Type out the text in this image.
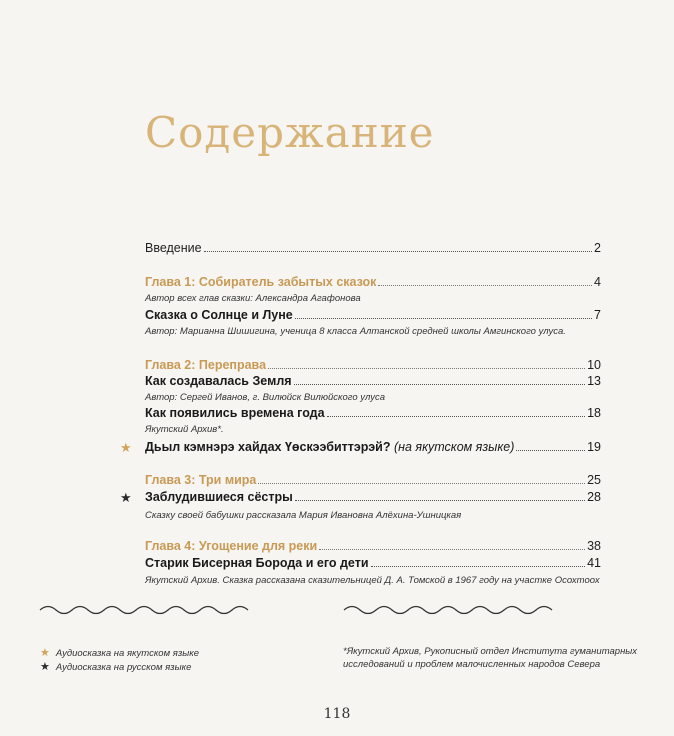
Содержание
Введение	2
Глава 1: Собиратель забытых сказок	4
Автор всех глав сказки: Александра Агафонова
Сказка о Солнце и Луне	7
Автор: Марианна Шишигина, ученица 8 класса Алтанской средней школы Амгинского улуса.
Глава 2: Переправа	10
Как создавалась Земля	13
Автор: Сергей Иванов, г. Вилюйск Вилюйского улуса
Как появились времена года	18
Якутский Архив*.
Дьыл кэмнэрэ хайдах Үөскээбиттэрэй?
(на якутском языке)	19
Глава 3: Три мира	25
Заблудившиеся сёстры	28
Сказку своей бабушки рассказала Мария Ивановна Алёхина-Ушницкая
Глава 4: Угощение для реки	38
Старик Бисерная Борода и его дети	41
Якутский Архив. Сказка рассказана сказительницей Д. А. Томской в 1967 году на участке Осохтоох
★
★
★ Аудиосказка на якутском языке
★ Аудиосказка на русском языке
*Якутский Архив, Рукописный отдел Института гуманитарных
исследований и проблем малочисленных народов Севера
118
